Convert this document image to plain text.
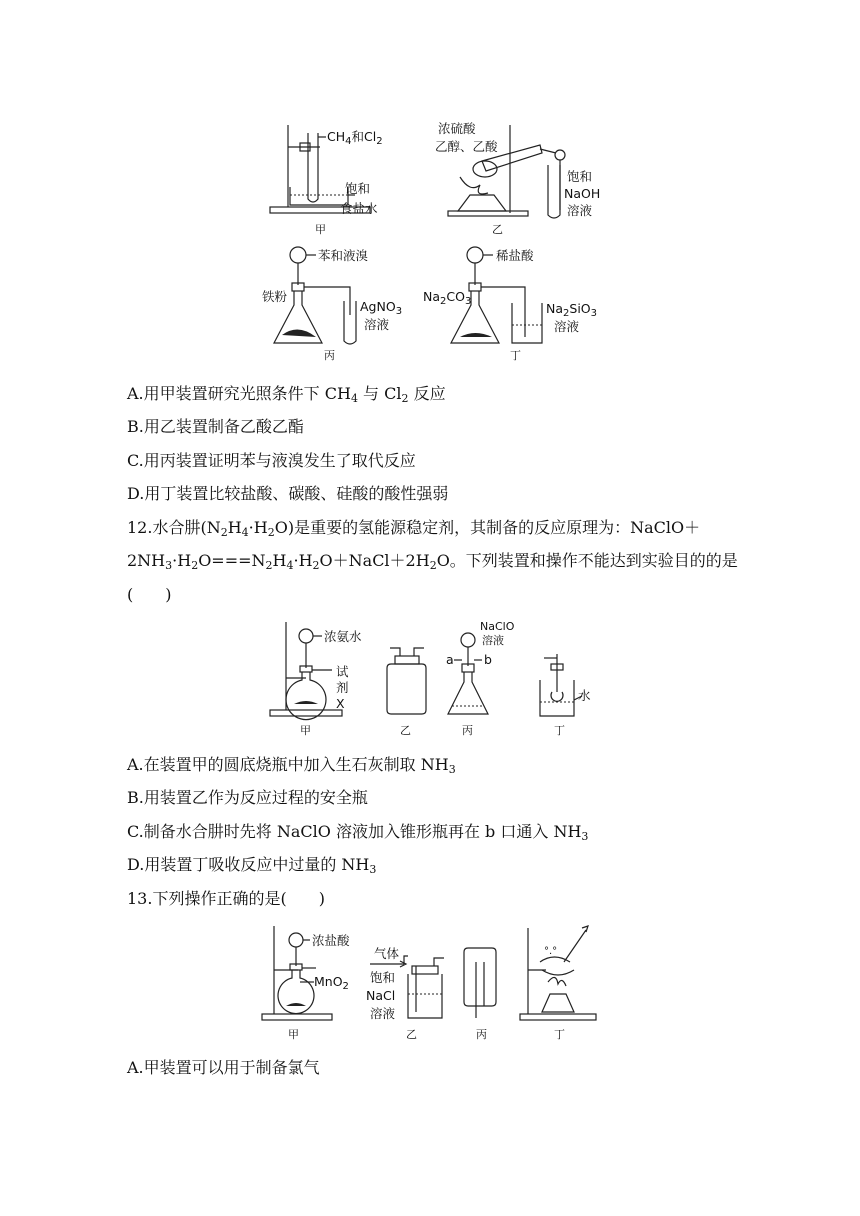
$CH_4$和$Cl_2$
饱和
食盐水
甲
浓硫酸
乙醇、乙酸
饱和
NaOH
溶液
乙
苯和液溴
铁粉
AgNO$_3$
溶液
丙
稀盐酸
$Na_2CO_3$	$Na_2SiO_3$
溶液
丁
A.用甲装置研究光照条件下 $CH_4$ 与 $Cl_2$ 反应
B.用乙装置制备乙酸乙酯
C.用丙装置证明苯与液溴发生了取代反应
D.用丁装置比较盐酸、碳酸、硅酸的酸性强弱
12.水合肼$(N_2H_4\cdot H_2O)$是重要的氢能源稳定剂，其制备的反应原理为：NaClO＋
$2NH_3\cdot H_2O===N_2H_4\cdot H_2O+NaCl+2H_2O$。下列装置和操作不能达到实验目的的是
(　　)
浓氨水
试
剂
X
甲	乙
NaClO
溶液
a b
丙
水
丁
A.在装置甲的圆底烧瓶中加入生石灰制取 $NH_3$
B.用装置乙作为反应过程的安全瓶
C.制备水合肼时先将 NaClO 溶液加入锥形瓶再在 b 口通入 $NH_3$
D.用装置丁吸收反应中过量的 $NH_3$
13.下列操作正确的是(　　)
浓盐酸
MnO$_2$
甲
气体
饱和
NaCl
溶液
乙	丙
°.°
丁
A.甲装置可以用于制备氯气
